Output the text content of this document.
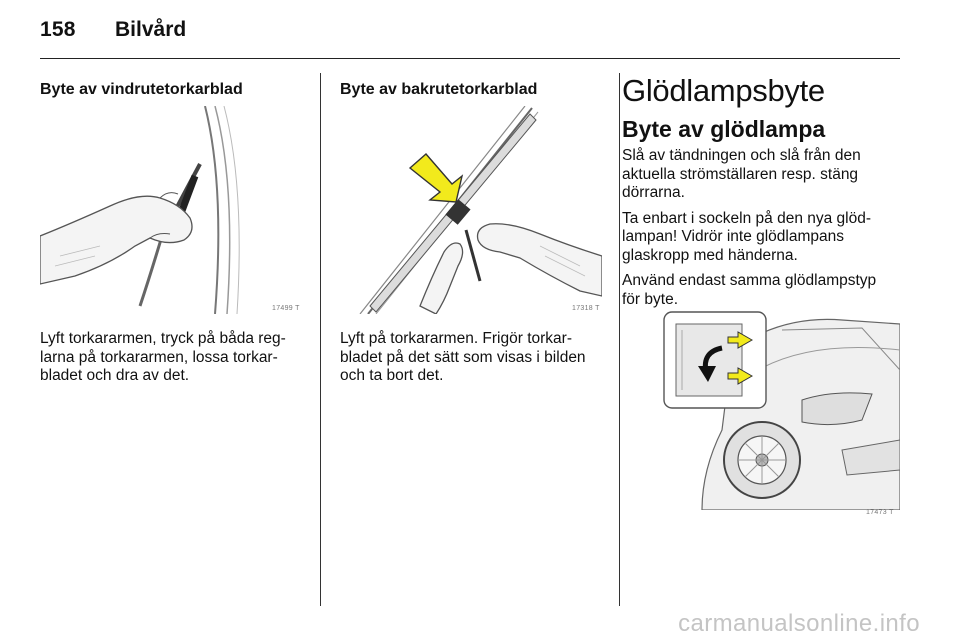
158 Bilvård
Byte av vindrutetorkarblad
17499 T

Lyft torkararmen, tryck på båda reglarna på torkararmen, lossa torkarbladet och dra av det.

Byte av bakrutetorkarblad
17318 T

Lyft på torkararmen. Frigör torkarbladet på det sätt som visas i bilden och ta bort det.

Glödlampsbyte
Byte av glödlampa

Slå av tändningen och slå från den aktuella strömställaren resp. stäng dörrarna.

Ta enbart i sockeln på den nya glödlampan! Vidrör inte glödlampans glaskropp med händerna.

Använd endast samma glödlampstyp för byte.

17473 T
carmanualsonline.info
